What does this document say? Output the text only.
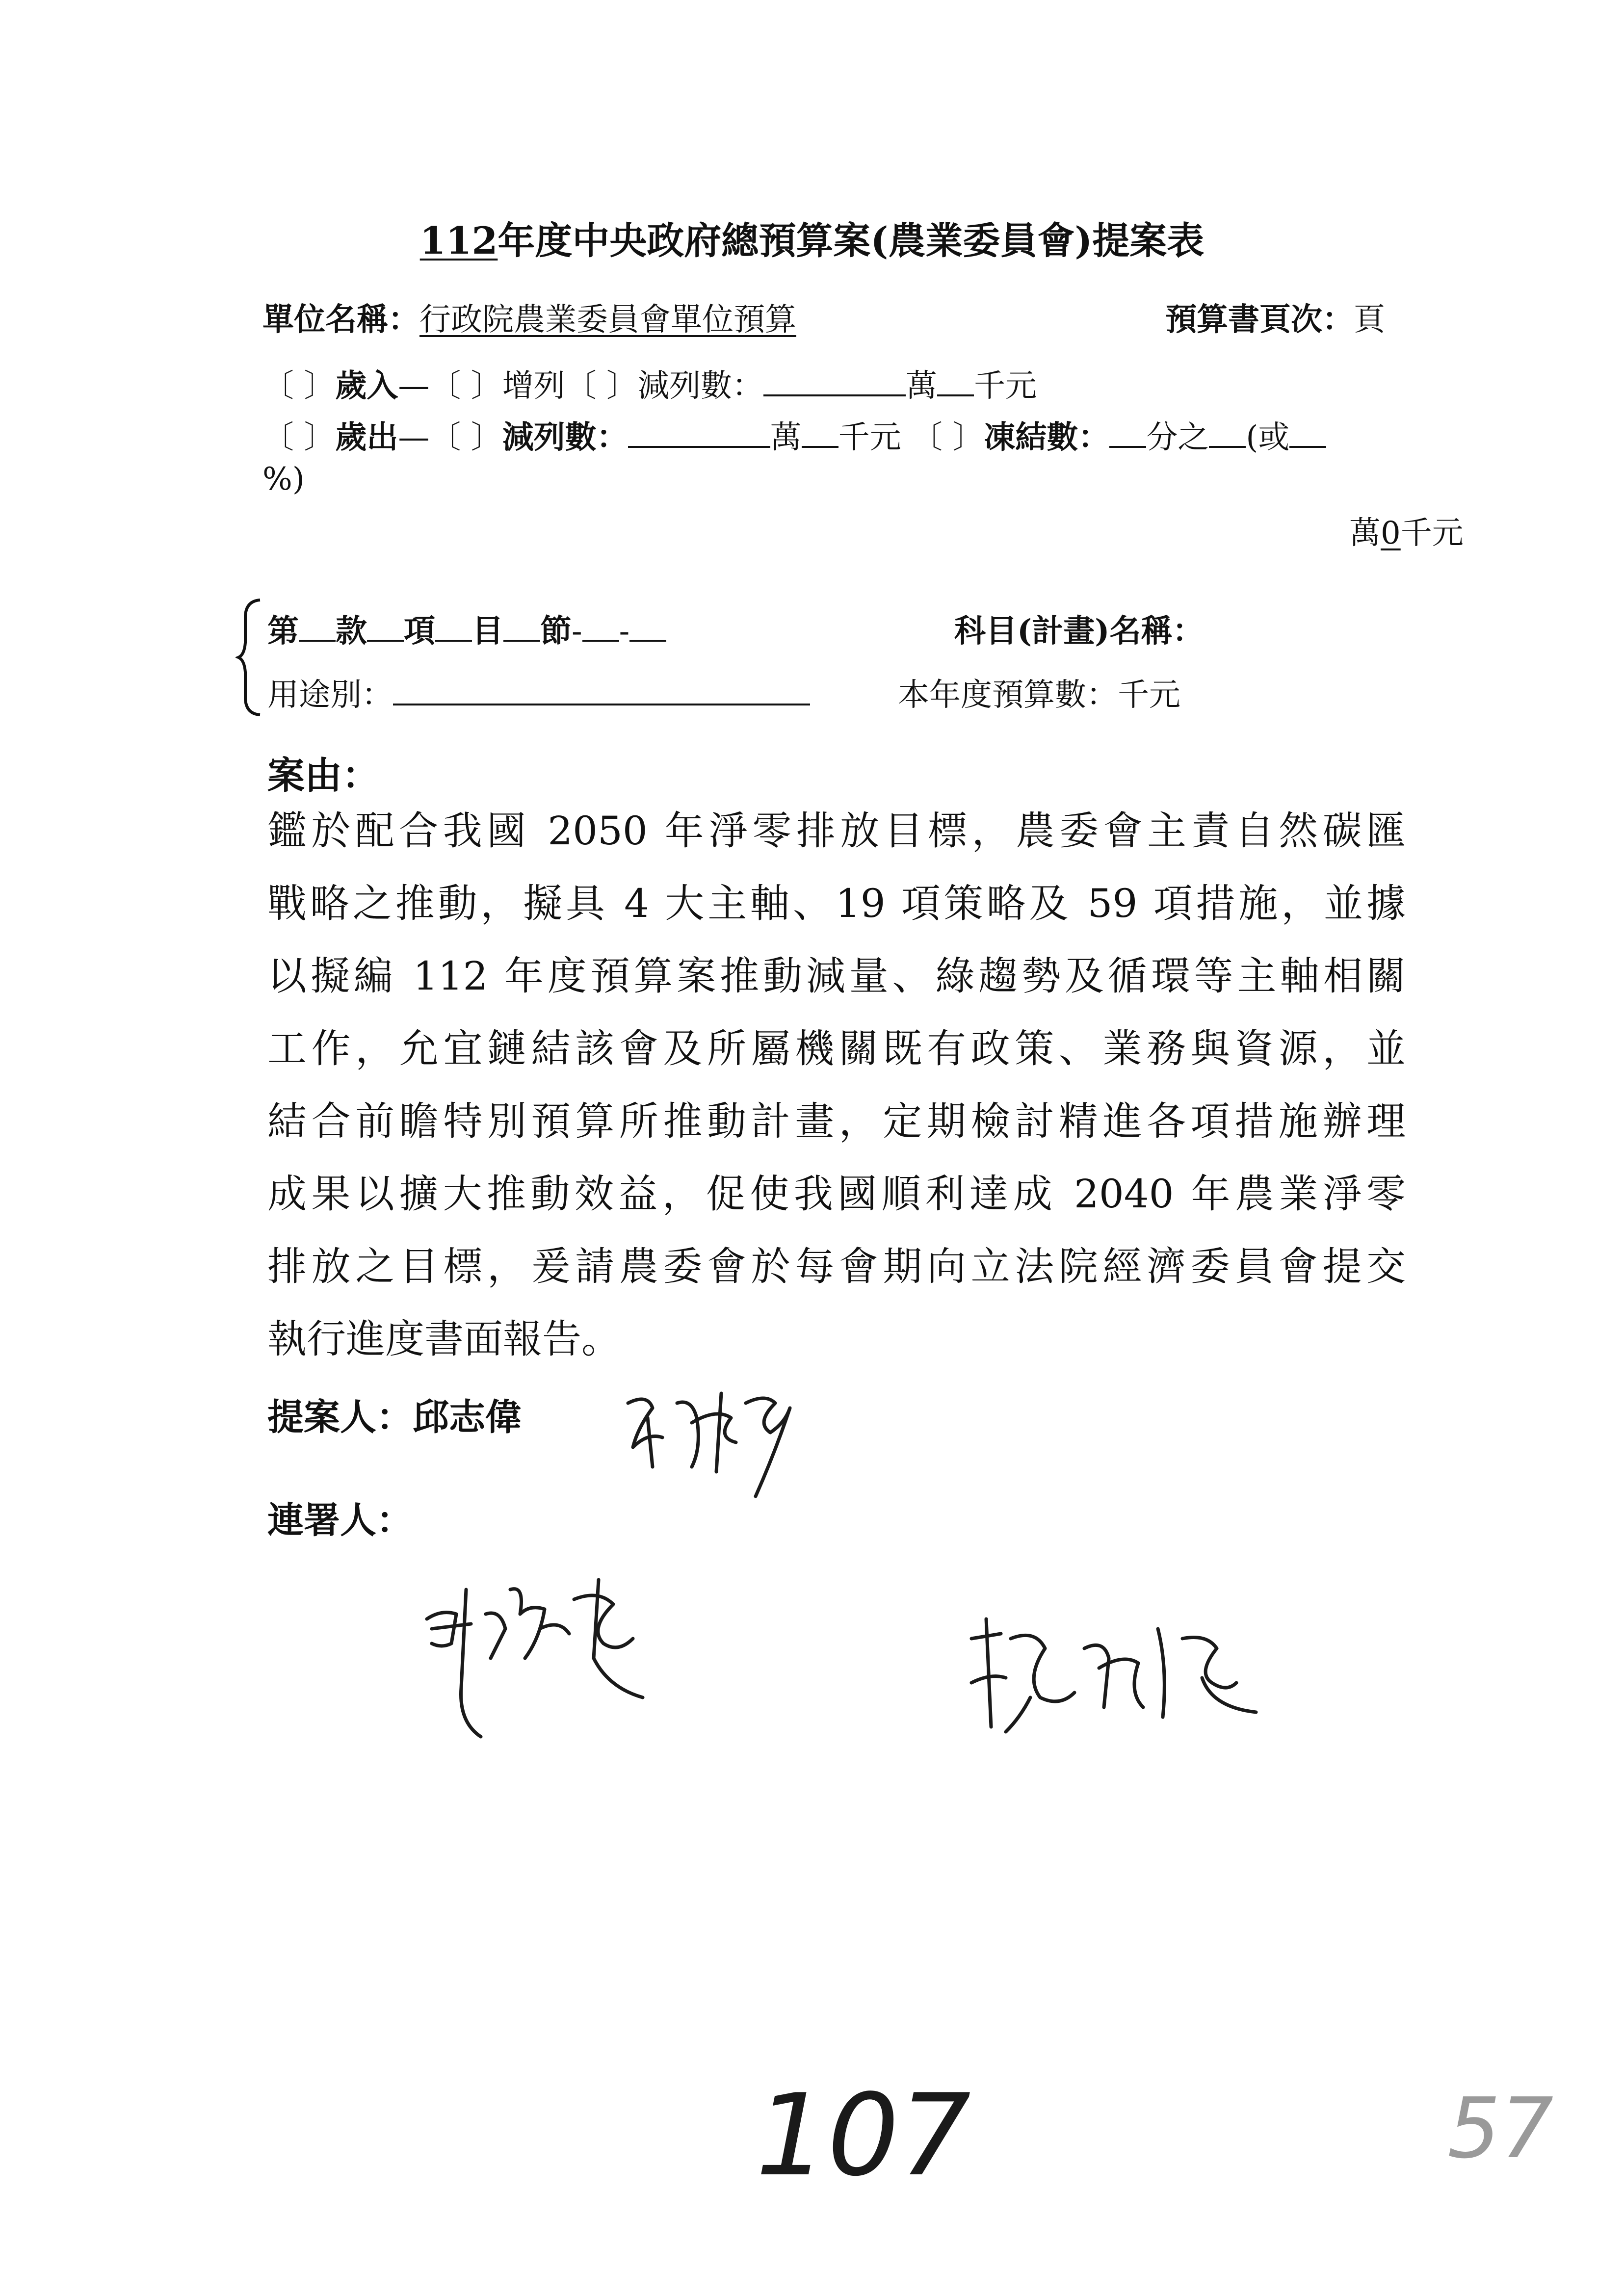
112年度中央政府總預算案(農業委員會)提案表
單位名稱：行政院農業委員會單位預算	預算書頁次：頁
〔 〕歲入—〔 〕增列〔 〕減列數：	萬 千元
〔 〕歲出—〔 〕減列數：	萬 千元 〔 〕凍結數： 分之 (或
%)
萬0千元
第 款 項 目 節- -	科目(計畫)名稱：
用途別：	本年度預算數：千元
案由：
鑑於配合我國 2050 年淨零排放目標，農委會主責自然碳匯
戰略之推動，擬具 4 大主軸、19 項策略及 59 項措施，並據
以擬編 112 年度預算案推動減量、綠趨勢及循環等主軸相關
工作，允宜鏈結該會及所屬機關既有政策、業務與資源，並
結合前瞻特別預算所推動計畫，定期檢討精進各項措施辦理
成果以擴大推動效益，促使我國順利達成 2040 年農業淨零
排放之目標，爰請農委會於每會期向立法院經濟委員會提交
執行進度書面報告。
提案人：邱志偉
連署人：
107	57
